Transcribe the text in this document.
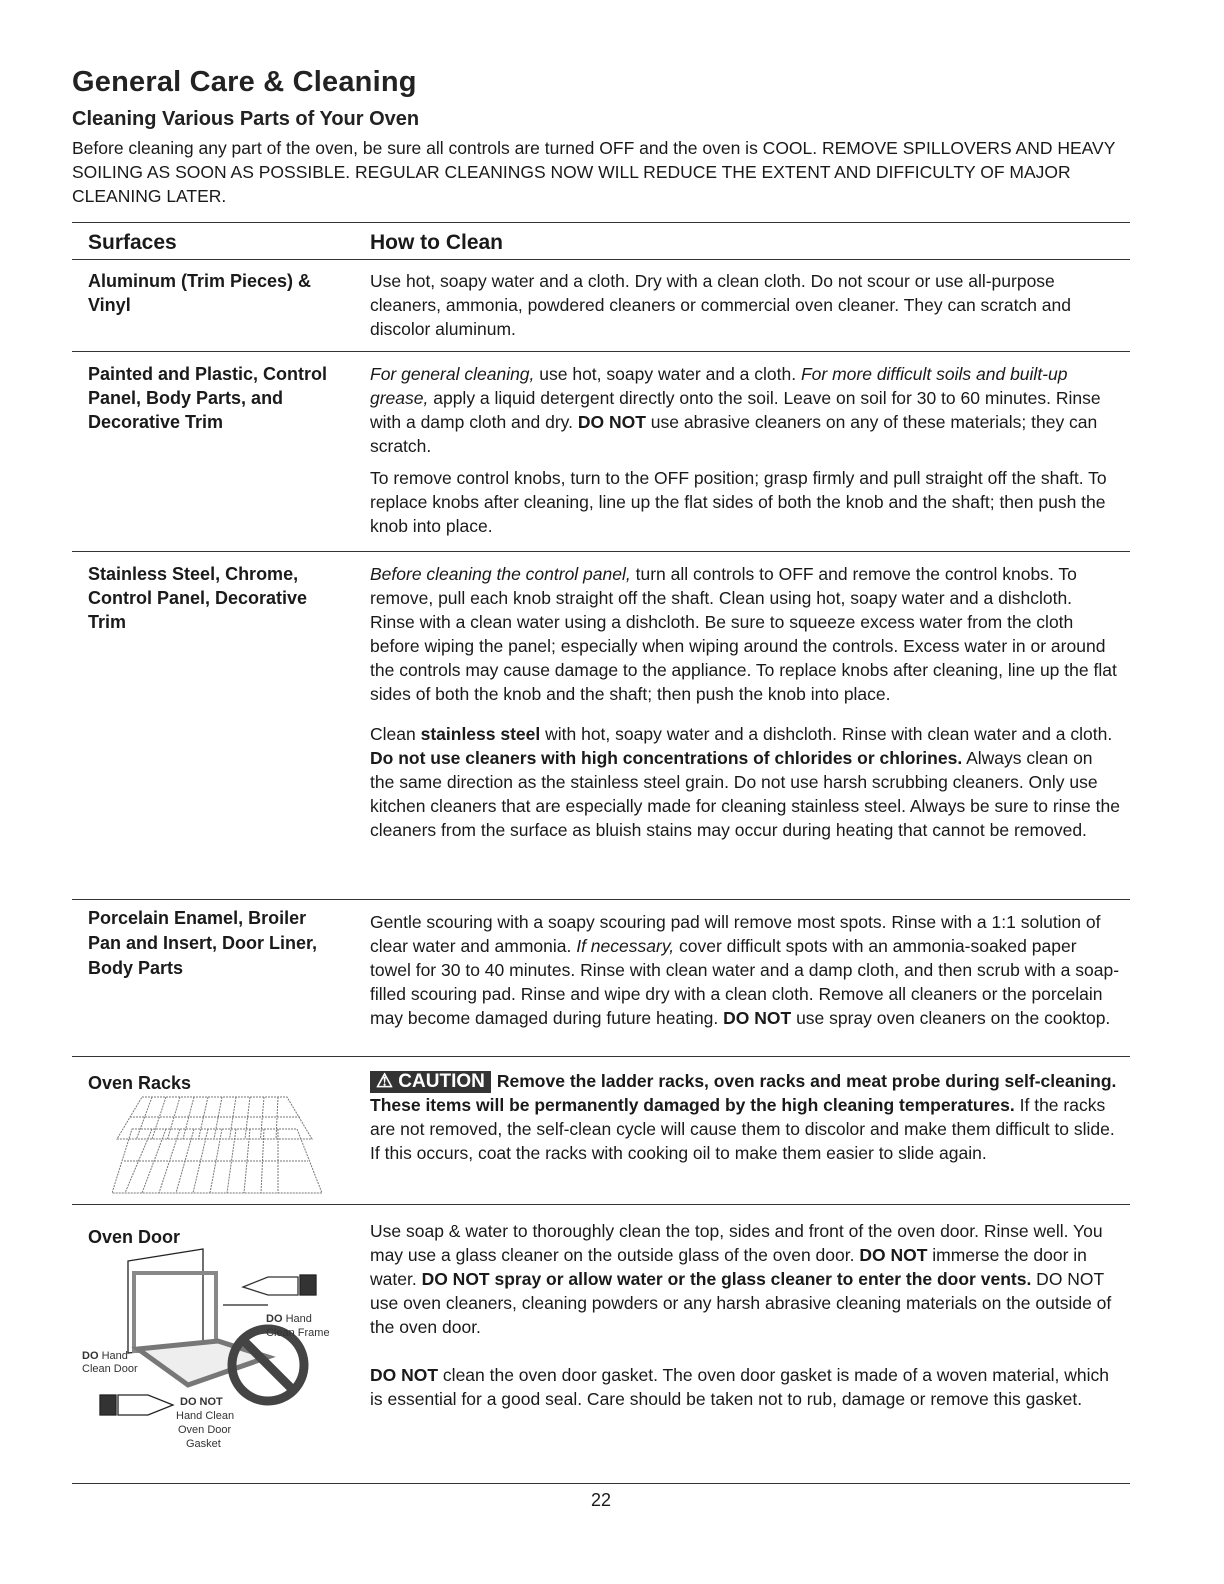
General Care & Cleaning
Cleaning Various Parts of Your Oven
Before cleaning any part of the oven, be sure all controls are turned OFF and the oven is COOL. REMOVE SPILLOVERS AND HEAVY SOILING AS SOON AS POSSIBLE. REGULAR CLEANINGS NOW WILL REDUCE THE EXTENT AND DIFFICULTY OF MAJOR CLEANING LATER.
Surfaces	How to Clean
Aluminum (Trim Pieces) & Vinyl

Use hot, soapy water and a cloth. Dry with a clean cloth. Do not scour or use all-purpose cleaners, ammonia, powdered cleaners or commercial oven cleaner. They can scratch and discolor aluminum.

Painted and Plastic, Control Panel, Body Parts, and Decorative Trim

For general cleaning, use hot, soapy water and a cloth. For more difficult soils and built-up grease, apply a liquid detergent directly onto the soil. Leave on soil for 30 to 60 minutes. Rinse with a damp cloth and dry. DO NOT use abrasive cleaners on any of these materials; they can scratch.

To remove control knobs, turn to the OFF position; grasp firmly and pull straight off the shaft. To replace knobs after cleaning, line up the flat sides of both the knob and the shaft; then push the knob into place.

Stainless Steel, Chrome, Control Panel, Decorative Trim

Before cleaning the control panel, turn all controls to OFF and remove the control knobs. To remove, pull each knob straight off the shaft. Clean using hot, soapy water and a dishcloth. Rinse with a clean water using a dishcloth. Be sure to squeeze excess water from the cloth before wiping the panel; especially when wiping around the controls. Excess water in or around the controls may cause damage to the appliance. To replace knobs after cleaning, line up the flat sides of both the knob and the shaft; then push the knob into place.

Clean stainless steel with hot, soapy water and a dishcloth. Rinse with clean water and a cloth. Do not use cleaners with high concentrations of chlorides or chlorines. Always clean on the same direction as the stainless steel grain. Do not use harsh scrubbing cleaners. Only use kitchen cleaners that are especially made for cleaning stainless steel. Always be sure to rinse the cleaners from the surface as bluish stains may occur during heating that cannot be removed.

Porcelain Enamel, Broiler Pan and Insert, Door Liner, Body Parts

Gentle scouring with a soapy scouring pad will remove most spots. Rinse with a 1:1 solution of clear water and ammonia. If necessary, cover difficult spots with an ammonia-soaked paper towel for 30 to 40 minutes. Rinse with clean water and a damp cloth, and then scrub with a soap-filled scouring pad. Rinse and wipe dry with a clean cloth. Remove all cleaners or the porcelain may become damaged during future heating. DO NOT use spray oven cleaners on the cooktop.

Oven Racks	⚠ CAUTION Remove the ladder racks, oven racks and meat probe during self-cleaning. These items will be permanently damaged by the high cleaning temperatures. If the racks are not removed, the self-clean cycle will cause them to discolor and make them difficult to slide. If this occurs, coat the racks with cooking oil to make them easier to slide again.

Oven Door
DO Hand
Clean Frame
DO Hand
Clean Door
DO NOT
Hand Clean
Oven Door
Gasket

Use soap & water to thoroughly clean the top, sides and front of the oven door. Rinse well. You may use a glass cleaner on the outside glass of the oven door. DO NOT immerse the door in water. DO NOT spray or allow water or the glass cleaner to enter the door vents. DO NOT use oven cleaners, cleaning powders or any harsh abrasive cleaning materials on the outside of the oven door.

DO NOT clean the oven door gasket. The oven door gasket is made of a woven material, which is essential for a good seal. Care should be taken not to rub, damage or remove this gasket.

22
